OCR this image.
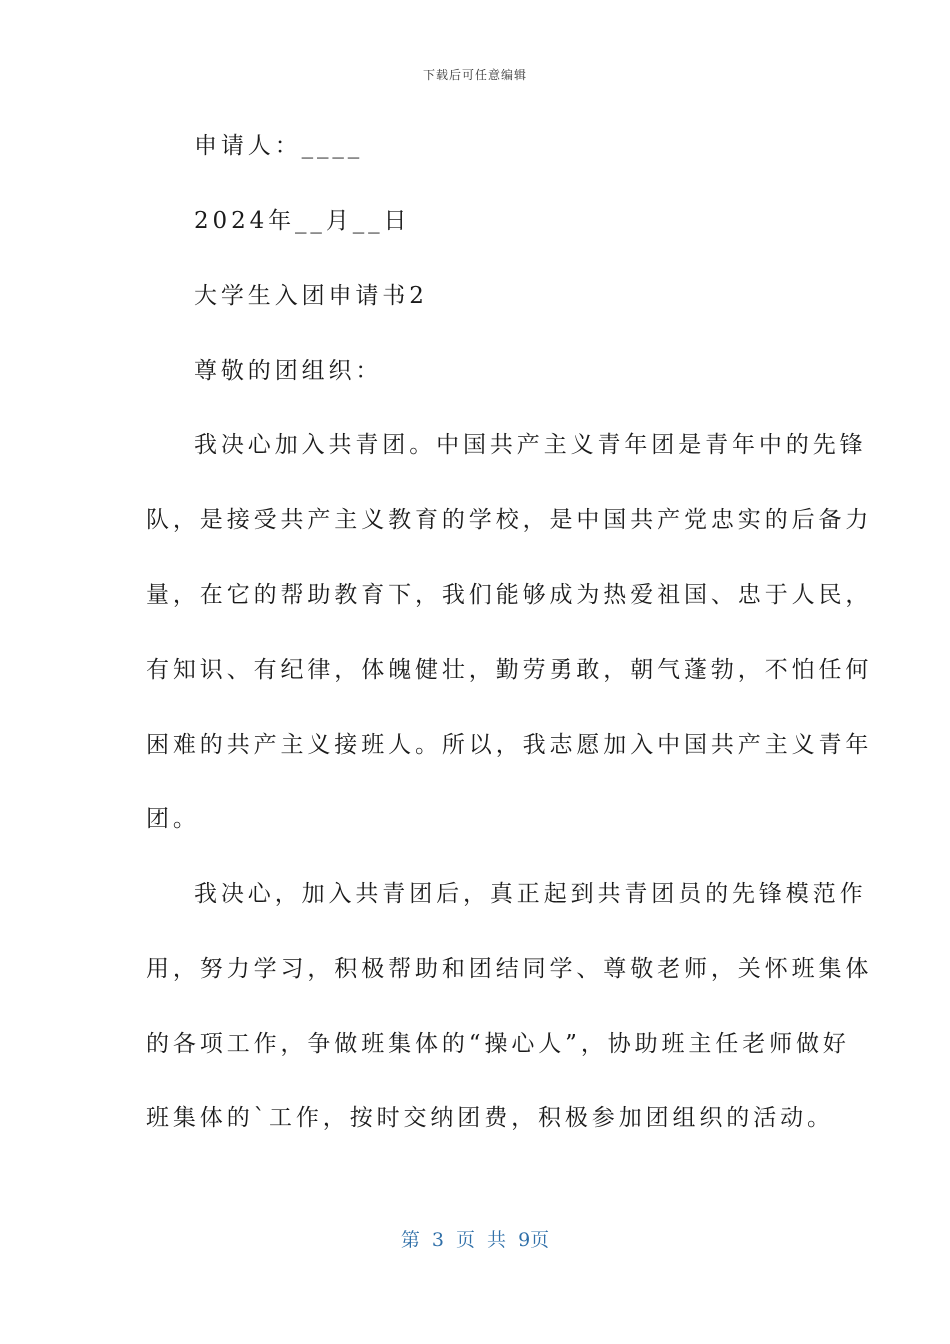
下载后可任意编辑
申请人：____
2024年__月__日
大学生入团申请书2
尊敬的团组织：
我决心加入共青团。中国共产主义青年团是青年中的先锋
队，是接受共产主义教育的学校，是中国共产党忠实的后备力
量，在它的帮助教育下，我们能够成为热爱祖国、忠于人民，
有知识、有纪律，体魄健壮，勤劳勇敢，朝气蓬勃，不怕任何
困难的共产主义接班人。所以，我志愿加入中国共产主义青年
团。
我决心，加入共青团后，真正起到共青团员的先锋模范作
用，努力学习，积极帮助和团结同学、尊敬老师，关怀班集体
的各项工作，争做班集体的“操心人”，协助班主任老师做好
班集体的`工作，按时交纳团费，积极参加团组织的活动。
第 3 页 共 9页
